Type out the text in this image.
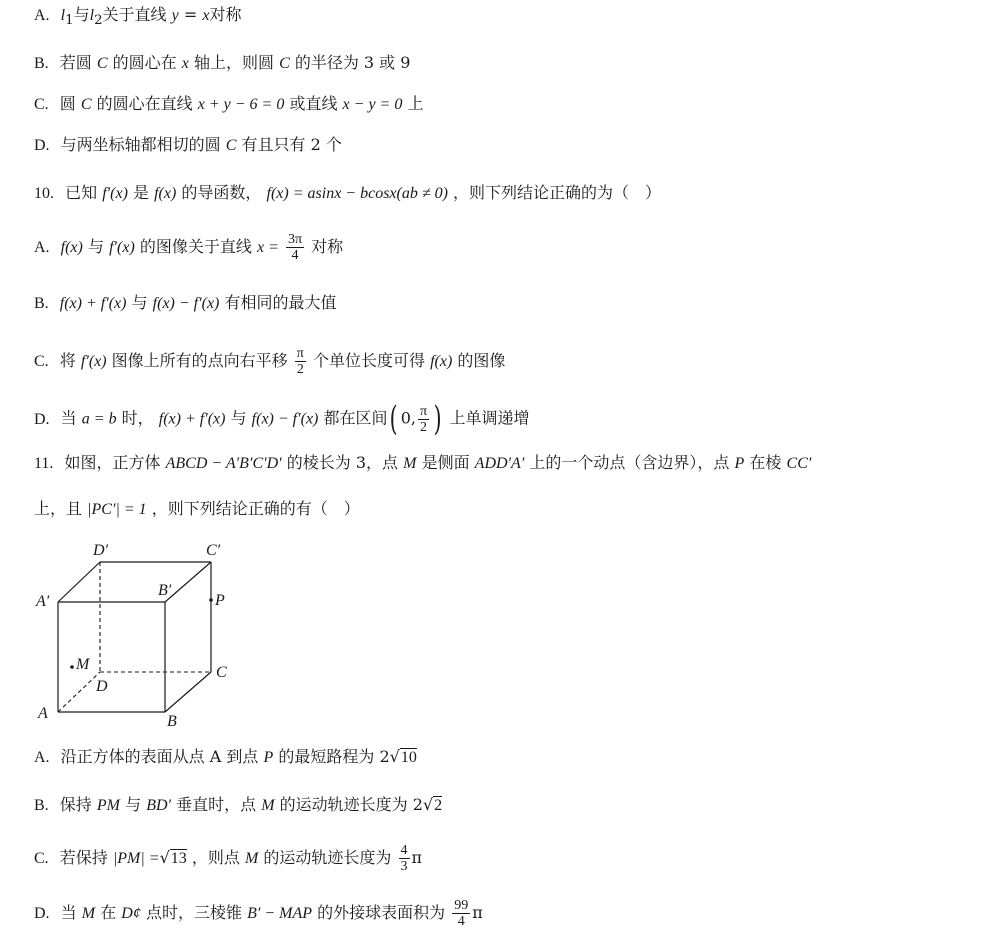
A. $l_1$与$l_2$关于直线 y = x对称
B. 若圆 C 的圆心在 x 轴上，则圆 C 的半径为 3 或 9
C. 圆 C 的圆心在直线 x + y − 6 = 0 或直线 x − y = 0 上
D. 与两坐标轴都相切的圆 C 有且只有 2 个
10. 已知 f′(x) 是 f(x) 的导函数， f(x) = asinx − bcosx(ab ≠ 0) ，则下列结论正确的为（　）
A. f(x) 与 f′(x) 的图像关于直线 $x = \frac{3\pi}{4}$ 对称
B. f(x) + f′(x) 与 f(x) − f′(x) 有相同的最大值
C. 将 f′(x) 图像上所有的点向右平移 $\frac{\pi}{2}$ 个单位长度可得 f(x) 的图像
D. 当 a = b 时， f(x) + f′(x) 与 f(x) − f′(x) 都在区间( 0, $\frac{\pi}{2}$ ) 上单调递增
11. 如图，正方体 ABCD − A′B′C′D′ 的棱长为 3，点 M 是侧面 ADD′A′ 上的一个动点（含边界），点 P 在棱 CC′
上，且 |PC′| = 1 ，则下列结论正确的有（　）
D′	C′
A′
B′
P
M
D
C
A	B
A. 沿正方体的表面从点 A 到点 P 的最短路程为 2√10
B. 保持 PM 与 BD′ 垂直时，点 M 的运动轨迹长度为 2√2
C. 若保持 |PM| =√13 ，则点 M 的运动轨迹长度为 $\frac{4}{3}$ π
D. 当 M 在 D¢ 点时，三棱锥 B′ − MAP 的外接球表面积为 $\frac{99}{4}$ π
